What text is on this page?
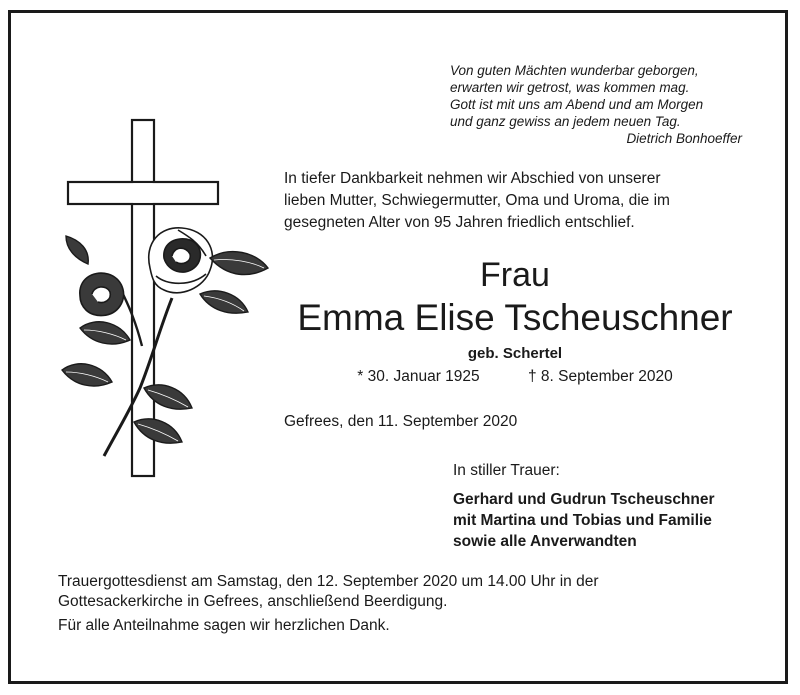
Von guten Mächten wunderbar geborgen,
erwarten wir getrost, was kommen mag.
Gott ist mit uns am Abend und am Morgen
und ganz gewiss an jedem neuen Tag.
Dietrich Bonhoeffer
In tiefer Dankbarkeit nehmen wir Abschied von unserer
lieben Mutter, Schwiegermutter, Oma und Uroma, die im
gesegneten Alter von 95 Jahren friedlich entschlief.
Frau
Emma Elise Tscheuschner
geb. Schertel
* 30. Januar 1925	† 8. September 2020
Gefrees, den 11. September 2020
In stiller Trauer:
Gerhard und Gudrun Tscheuschner
mit Martina und Tobias und Familie
sowie alle Anverwandten
Trauergottesdienst am Samstag, den 12. September 2020 um 14.00 Uhr in der
Gottesackerkirche in Gefrees, anschließend Beerdigung.
Für alle Anteilnahme sagen wir herzlichen Dank.
